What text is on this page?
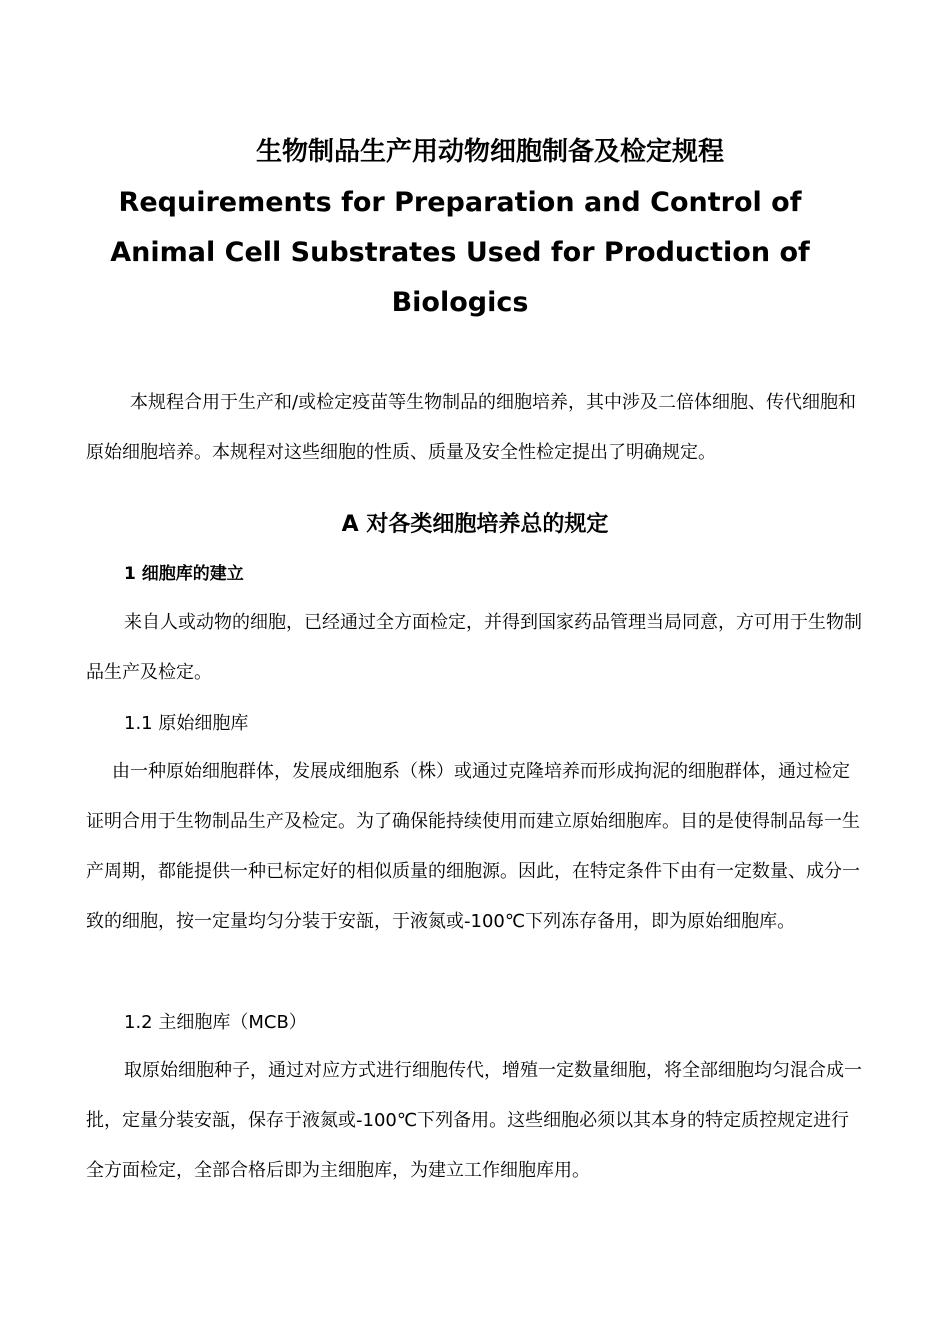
生物制品生产用动物细胞制备及检定规程
Requirements for Preparation and Control of Animal Cell Substrates Used for Production of Biologics
本规程合用于生产和/或检定疫苗等生物制品的细胞培养，其中涉及二倍体细胞、传代细胞和原始细胞培养。本规程对这些细胞的性质、质量及安全性检定提出了明确规定。
A 对各类细胞培养总的规定
1 细胞库的建立
来自人或动物的细胞，已经通过全方面检定，并得到国家药品管理当局同意，方可用于生物制品生产及检定。
1.1 原始细胞库
由一种原始细胞群体，发展成细胞系（株）或通过克隆培养而形成拘泥的细胞群体，通过检定证明合用于生物制品生产及检定。为了确保能持续使用而建立原始细胞库。目的是使得制品每一生产周期，都能提供一种已标定好的相似质量的细胞源。因此，在特定条件下由有一定数量、成分一致的细胞，按一定量均匀分装于安瓿，于液氮或-100℃下列冻存备用，即为原始细胞库。
1.2 主细胞库（MCB）
取原始细胞种子，通过对应方式进行细胞传代，增殖一定数量细胞，将全部细胞均匀混合成一批，定量分装安瓿，保存于液氮或-100℃下列备用。这些细胞必须以其本身的特定质控规定进行全方面检定，全部合格后即为主细胞库，为建立工作细胞库用。
